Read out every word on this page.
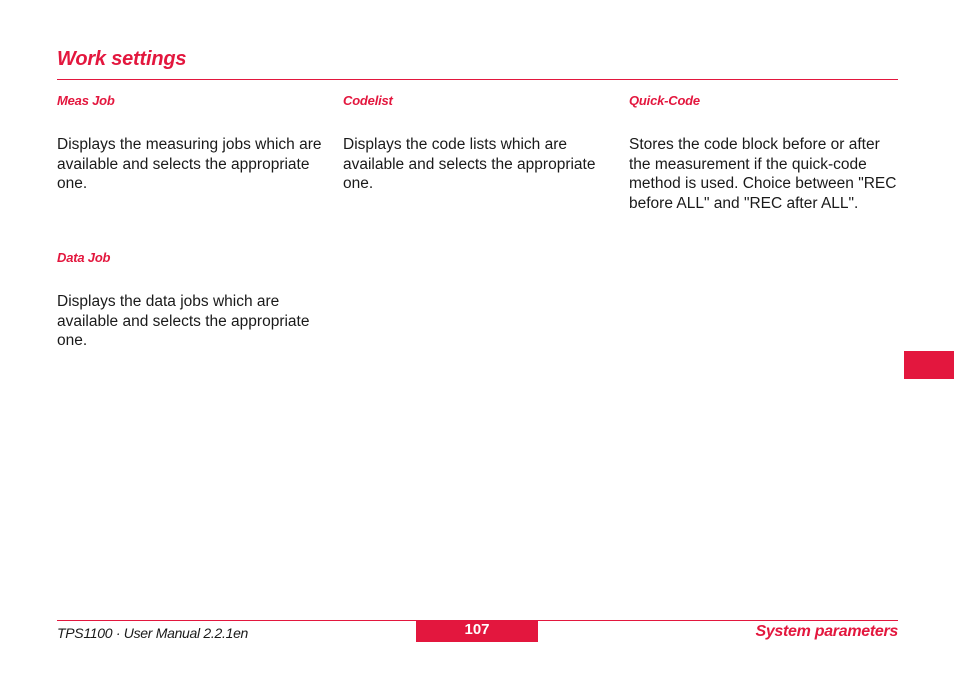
Work settings

Meas Job

Displays the measuring jobs which are available and selects the appropriate one.

Codelist

Displays the code lists which are available and selects the appropriate one.

Quick-Code

Stores the code block before or after the measurement if the quick-code method is used. Choice between "REC before ALL" and "REC after ALL".

Data Job

Displays the data jobs which are available and selects the appropriate one.

TPS1100 · User Manual 2.2.1en	107	System parameters
